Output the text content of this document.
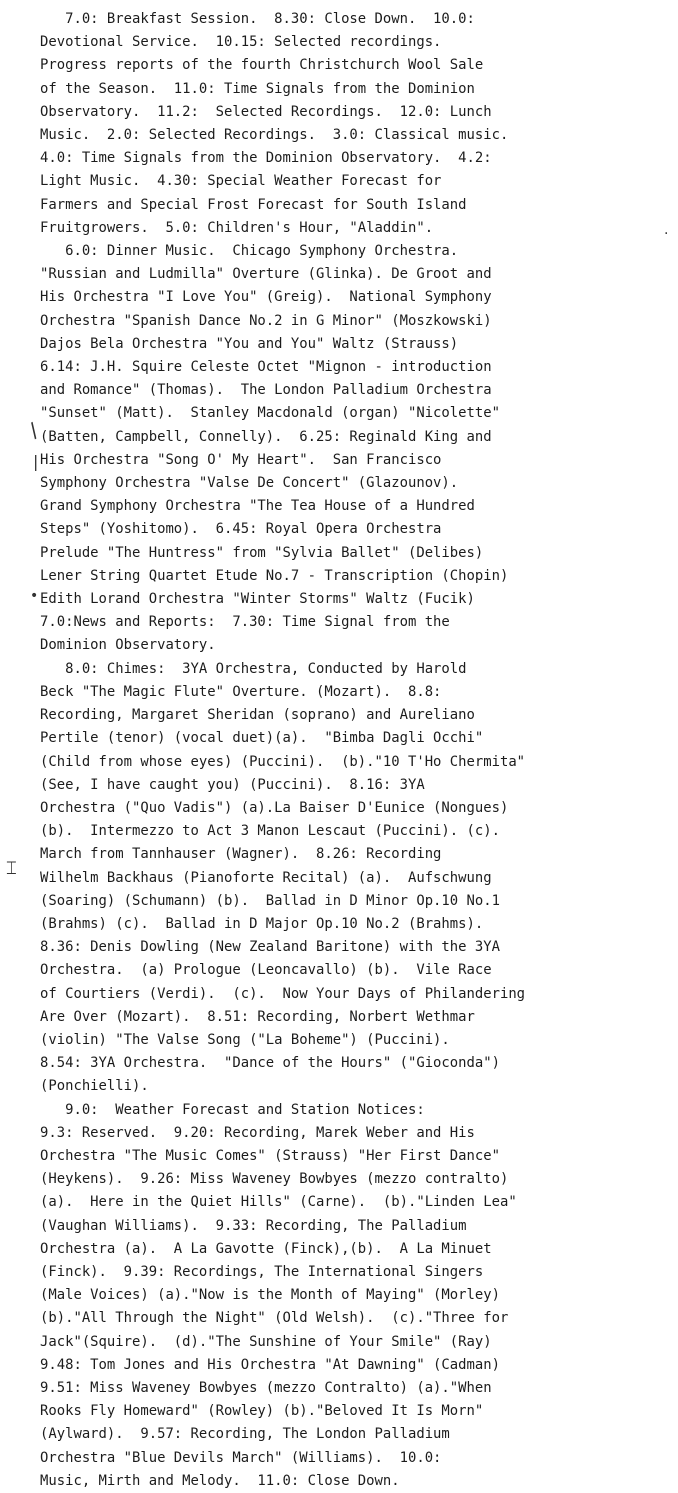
7.0: Breakfast Session.  8.30: Close Down.  10.0:
Devotional Service.  10.15: Selected recordings.
Progress reports of the fourth Christchurch Wool Sale
of the Season.  11.0: Time Signals from the Dominion
Observatory.  11.2:  Selected Recordings.  12.0: Lunch
Music.  2.0: Selected Recordings.  3.0: Classical music.
4.0: Time Signals from the Dominion Observatory.  4.2:
Light Music.  4.30: Special Weather Forecast for
Farmers and Special Frost Forecast for South Island
Fruitgrowers.  5.0: Children's Hour, "Aladdin".
6.0: Dinner Music.  Chicago Symphony Orchestra.
"Russian and Ludmilla" Overture (Glinka). De Groot and
His Orchestra "I Love You" (Greig).  National Symphony
Orchestra "Spanish Dance No.2 in G Minor" (Moszkowski)
Dajos Bela Orchestra "You and You" Waltz (Strauss)
6.14: J.H. Squire Celeste Octet "Mignon - introduction
and Romance" (Thomas).  The London Palladium Orchestra
"Sunset" (Matt).  Stanley Macdonald (organ) "Nicolette"
(Batten, Campbell, Connelly).  6.25: Reginald King and
His Orchestra "Song O' My Heart".  San Francisco
Symphony Orchestra "Valse De Concert" (Glazounov).
Grand Symphony Orchestra "The Tea House of a Hundred
Steps" (Yoshitomo).  6.45: Royal Opera Orchestra
Prelude "The Huntress" from "Sylvia Ballet" (Delibes)
Lener String Quartet Etude No.7 - Transcription (Chopin)
Edith Lorand Orchestra "Winter Storms" Waltz (Fucik)
7.0:News and Reports:  7.30: Time Signal from the
Dominion Observatory.
8.0: Chimes:  3YA Orchestra, Conducted by Harold
Beck "The Magic Flute" Overture. (Mozart).  8.8:
Recording, Margaret Sheridan (soprano) and Aureliano
Pertile (tenor) (vocal duet)(a).  "Bimba Dagli Occhi"
(Child from whose eyes) (Puccini).  (b)."10 T'Ho Chermita"
(See, I have caught you) (Puccini).  8.16: 3YA
Orchestra ("Quo Vadis") (a).La Baiser D'Eunice (Nongues)
(b).  Intermezzo to Act 3 Manon Lescaut (Puccini). (c).
March from Tannhauser (Wagner).  8.26: Recording
Wilhelm Backhaus (Pianoforte Recital) (a).  Aufschwung
(Soaring) (Schumann) (b).  Ballad in D Minor Op.10 No.1
(Brahms) (c).  Ballad in D Major Op.10 No.2 (Brahms).
8.36: Denis Dowling (New Zealand Baritone) with the 3YA
Orchestra.  (a) Prologue (Leoncavallo) (b).  Vile Race
of Courtiers (Verdi).  (c).  Now Your Days of Philandering
Are Over (Mozart).  8.51: Recording, Norbert Wethmar
(violin) "The Valse Song ("La Boheme") (Puccini).
8.54: 3YA Orchestra.  "Dance of the Hours" ("Gioconda")
(Ponchielli).
9.0:  Weather Forecast and Station Notices:
9.3: Reserved.  9.20: Recording, Marek Weber and His
Orchestra "The Music Comes" (Strauss) "Her First Dance"
(Heykens).  9.26: Miss Waveney Bowbyes (mezzo contralto)
(a).  Here in the Quiet Hills" (Carne).  (b)."Linden Lea"
(Vaughan Williams).  9.33: Recording, The Palladium
Orchestra (a).  A La Gavotte (Finck),(b).  A La Minuet
(Finck).  9.39: Recordings, The International Singers
(Male Voices) (a)."Now is the Month of Maying" (Morley)
(b)."All Through the Night" (Old Welsh).  (c)."Three for
Jack"(Squire).  (d)."The Sunshine of Your Smile" (Ray)
9.48: Tom Jones and His Orchestra "At Dawning" (Cadman)
9.51: Miss Waveney Bowbyes (mezzo Contralto) (a)."When
Rooks Fly Homeward" (Rowley) (b)."Beloved It Is Morn"
(Aylward).  9.57: Recording, The London Palladium
Orchestra "Blue Devils March" (Williams).  10.0:
Music, Mirth and Melody.  11.0: Close Down.
/
|
•
⌶
·
